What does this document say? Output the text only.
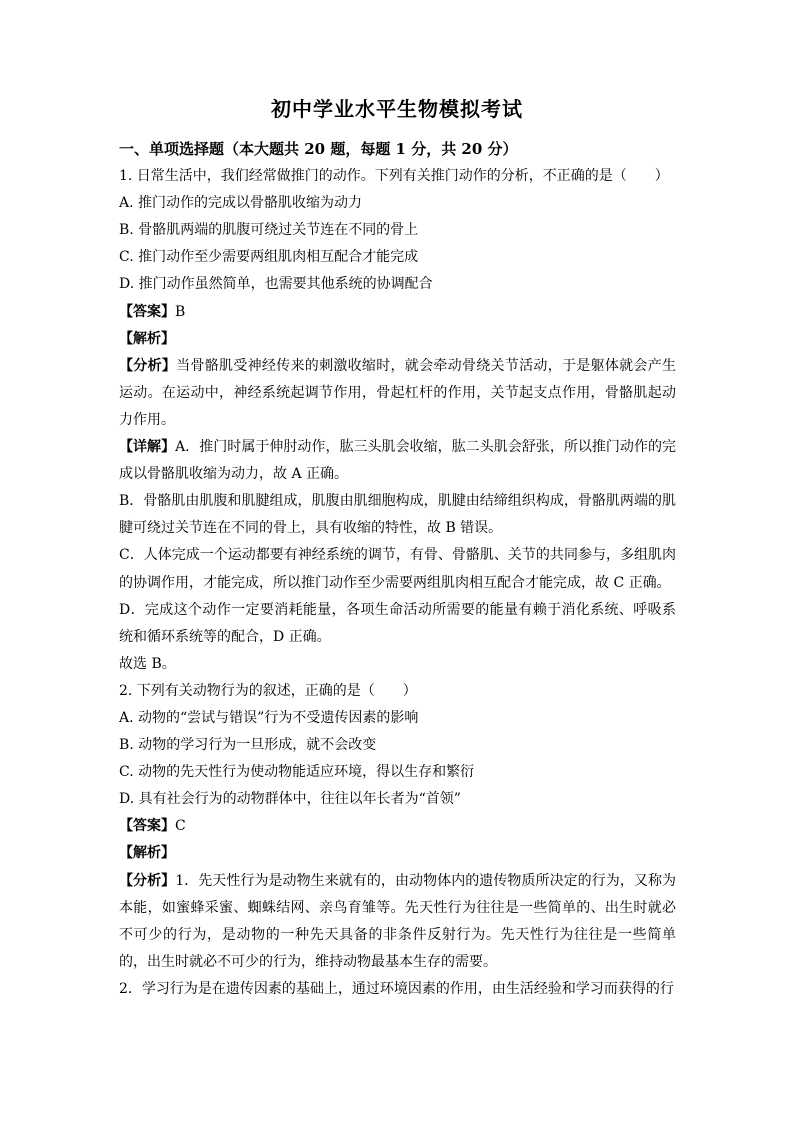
初中学业水平生物模拟考试
一、单项选择题（本大题共 20 题，每题 1 分，共 20 分）
1. 日常生活中，我们经常做推门的动作。下列有关推门动作的分析，不正确的是（　　）
A. 推门动作的完成以骨骼肌收缩为动力
B. 骨骼肌两端的肌腹可绕过关节连在不同的骨上
C. 推门动作至少需要两组肌肉相互配合才能完成
D. 推门动作虽然简单，也需要其他系统的协调配合
【答案】B
【解析】
【分析】当骨骼肌受神经传来的刺激收缩时，就会牵动骨绕关节活动，于是躯体就会产生运动。在运动中，神经系统起调节作用，骨起杠杆的作用，关节起支点作用，骨骼肌起动力作用。
【详解】A．推门时属于伸肘动作，肱三头肌会收缩，肱二头肌会舒张，所以推门动作的完成以骨骼肌收缩为动力，故 A 正确。
B．骨骼肌由肌腹和肌腱组成，肌腹由肌细胞构成，肌腱由结缔组织构成，骨骼肌两端的肌腱可绕过关节连在不同的骨上，具有收缩的特性，故 B 错误。
C．人体完成一个运动都要有神经系统的调节，有骨、骨骼肌、关节的共同参与，多组肌肉的协调作用，才能完成，所以推门动作至少需要两组肌肉相互配合才能完成，故 C 正确。
D．完成这个动作一定要消耗能量，各项生命活动所需要的能量有赖于消化系统、呼吸系统和循环系统等的配合，D 正确。
故选 B。
2. 下列有关动物行为的叙述，正确的是（　　）
A. 动物的“尝试与错误”行为不受遗传因素的影响
B. 动物的学习行为一旦形成，就不会改变
C. 动物的先天性行为使动物能适应环境，得以生存和繁衍
D. 具有社会行为的动物群体中，往往以年长者为“首领”
【答案】C
【解析】
【分析】1．先天性行为是动物生来就有的，由动物体内的遗传物质所决定的行为，又称为本能，如蜜蜂采蜜、蜘蛛结网、亲鸟育雏等。先天性行为往往是一些简单的、出生时就必不可少的行为，是动物的一种先天具备的非条件反射行为。先天性行为往往是一些简单的，出生时就必不可少的行为，维持动物最基本生存的需要。
2．学习行为是在遗传因素的基础上，通过环境因素的作用，由生活经验和学习而获得的行
